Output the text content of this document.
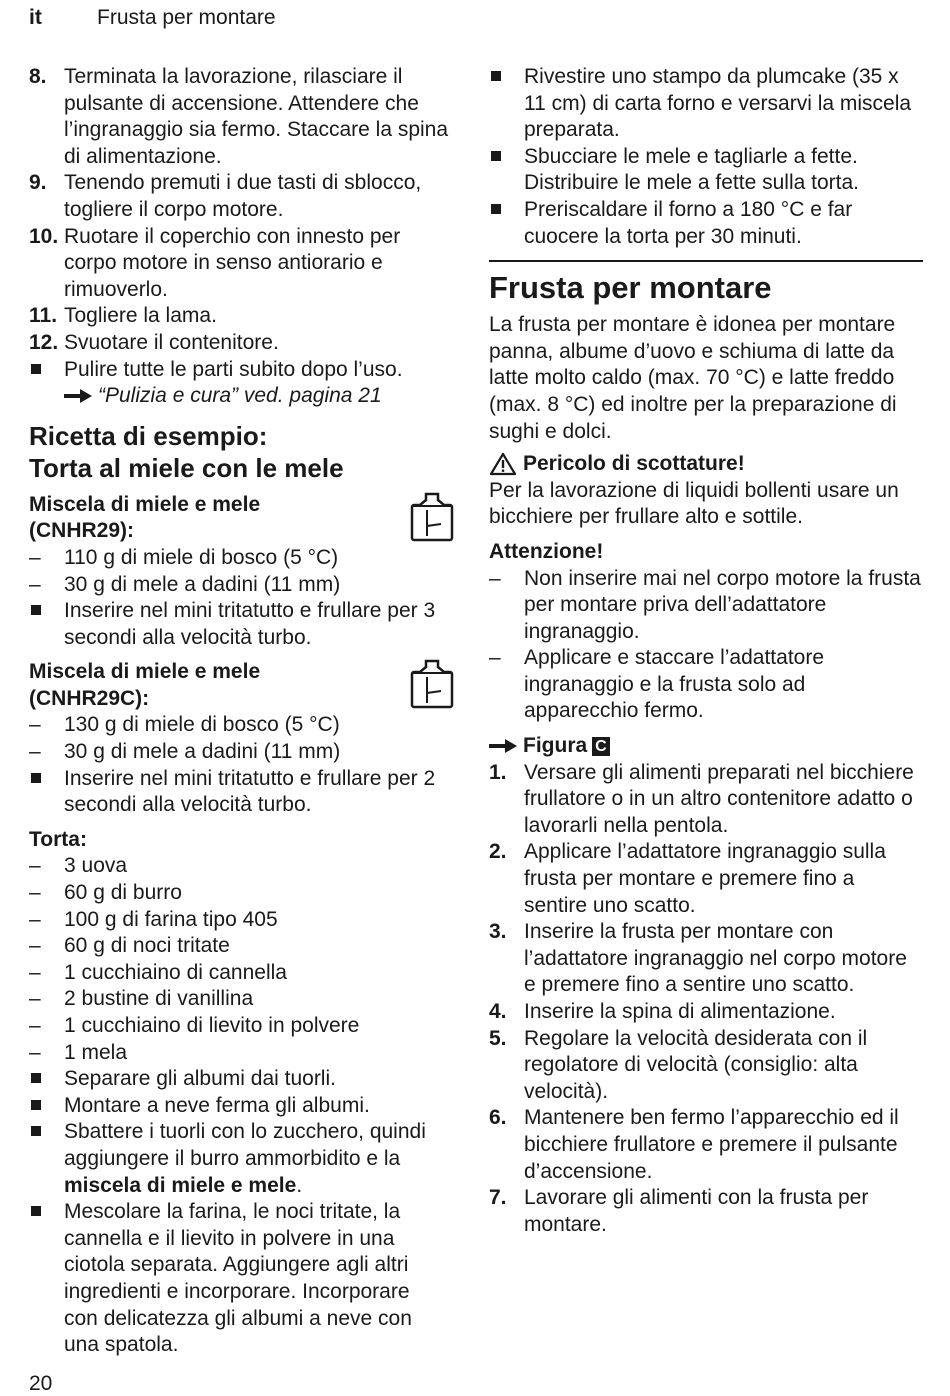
it	Frusta per montare
8. Terminata la lavorazione, rilasciare il pulsante di accensione. Attendere che l’ingranaggio sia fermo. Staccare la spina di alimentazione.
9. Tenendo premuti i due tasti di sblocco, togliere il corpo motore.
10. Ruotare il coperchio con innesto per corpo motore in senso antiorario e rimuoverlo.
11. Togliere la lama.
12. Svuotare il contenitore.
Pulire tutte le parti subito dopo l’uso.
“Pulizia e cura” ved. pagina 21
Ricetta di esempio:
Torta al miele con le mele
Miscela di miele e mele
(CNHR29):
–	110 g di miele di bosco (5 °C)
–	30 g di mele a dadini (11 mm)
Inserire nel mini tritatutto e frullare per 3 secondi alla velocità turbo.
Miscela di miele e mele
(CNHR29C):
–	130 g di miele di bosco (5 °C)
–	30 g di mele a dadini (11 mm)
Inserire nel mini tritatutto e frullare per 2 secondi alla velocità turbo.
Torta:
–	3 uova
–	60 g di burro
–	100 g di farina tipo 405
–	60 g di noci tritate
–	1 cucchiaino di cannella
–	2 bustine di vanillina
–	1 cucchiaino di lievito in polvere
–	1 mela
Separare gli albumi dai tuorli.
Montare a neve ferma gli albumi.
Sbattere i tuorli con lo zucchero, quindi aggiungere il burro ammorbidito e la miscela di miele e mele.
Mescolare la farina, le noci tritate, la cannella e il lievito in polvere in una ciotola separata. Aggiungere agli altri ingredienti e incorporare. Incorporare con delicatezza gli albumi a neve con una spatola.
Rivestire uno stampo da plumcake (35 x 11 cm) di carta forno e versarvi la miscela preparata.
Sbucciare le mele e tagliarle a fette. Distribuire le mele a fette sulla torta.
Preriscaldare il forno a 180 °C e far cuocere la torta per 30 minuti.
Frusta per montare
La frusta per montare è idonea per montare panna, albume d’uovo e schiuma di latte da latte molto caldo (max. 70 °C) e latte freddo (max. 8 °C) ed inoltre per la preparazione di sughi e dolci.
Pericolo di scottature!
Per la lavorazione di liquidi bollenti usare un bicchiere per frullare alto e sottile.
Attenzione!
–	Non inserire mai nel corpo motore la frusta per montare priva dell’adattatore ingranaggio.
–	Applicare e staccare l’adattatore ingranaggio e la frusta solo ad apparecchio fermo.
Figura C
1. Versare gli alimenti preparati nel bicchiere frullatore o in un altro contenitore adatto o lavorarli nella pentola.
2. Applicare l’adattatore ingranaggio sulla frusta per montare e premere fino a sentire uno scatto.
3. Inserire la frusta per montare con l’adattatore ingranaggio nel corpo motore e premere fino a sentire uno scatto.
4. Inserire la spina di alimentazione.
5. Regolare la velocità desiderata con il regolatore di velocità (consiglio: alta velocità).
6. Mantenere ben fermo l’apparecchio ed il bicchiere frullatore e premere il pulsante d’accensione.
7. Lavorare gli alimenti con la frusta per montare.
20
